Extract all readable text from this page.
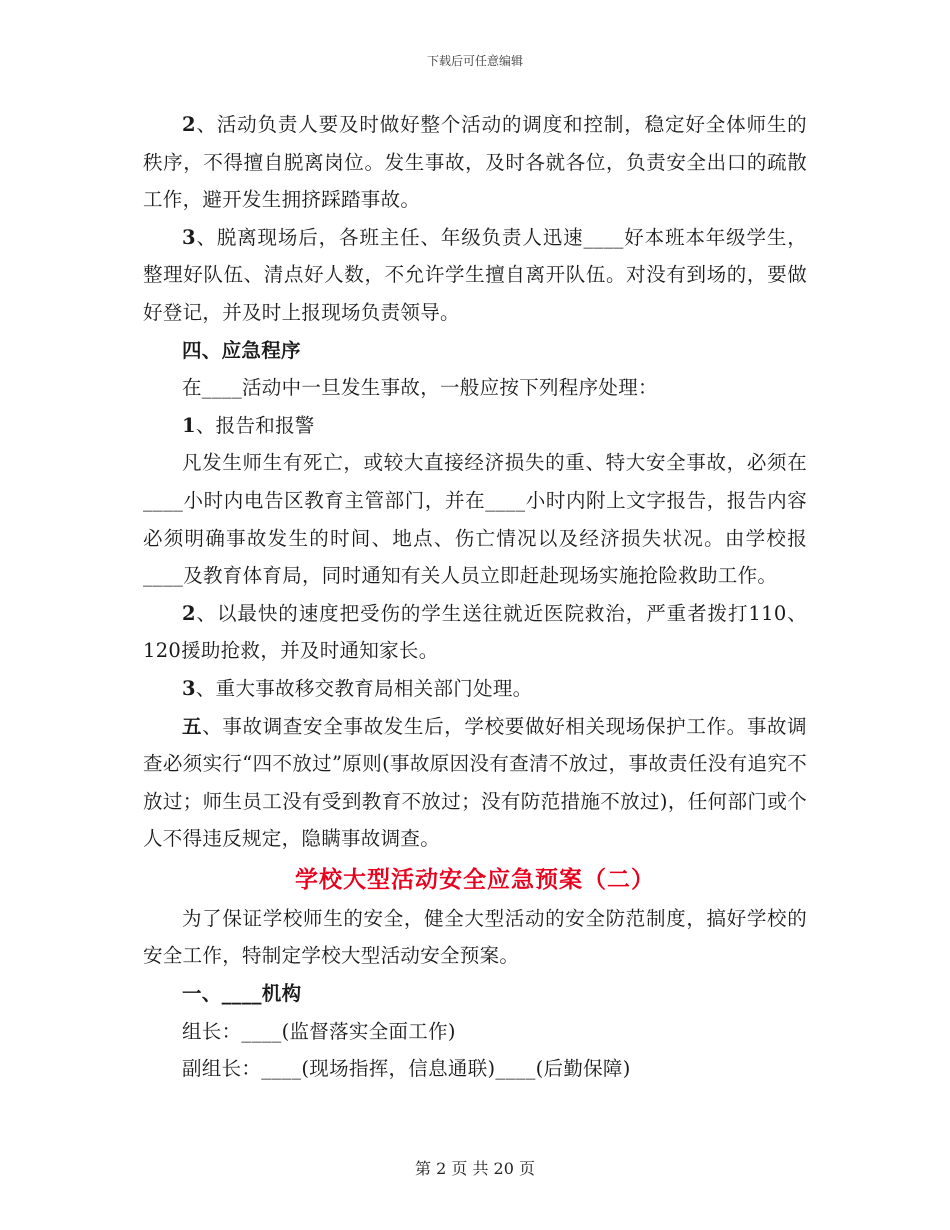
下载后可任意编辑

2、活动负责人要及时做好整个活动的调度和控制，稳定好全体师生的秩序，不得擅自脱离岗位。发生事故，及时各就各位，负责安全出口的疏散工作，避开发生拥挤踩踏事故。

3、脱离现场后，各班主任、年级负责人迅速____好本班本年级学生，整理好队伍、清点好人数，不允许学生擅自离开队伍。对没有到场的，要做好登记，并及时上报现场负责领导。

四、应急程序

在____活动中一旦发生事故，一般应按下列程序处理：

1、报告和报警

凡发生师生有死亡，或较大直接经济损失的重、特大安全事故，必须在____小时内电告区教育主管部门，并在____小时内附上文字报告，报告内容必须明确事故发生的时间、地点、伤亡情况以及经济损失状况。由学校报____及教育体育局，同时通知有关人员立即赶赴现场实施抢险救助工作。

2、以最快的速度把受伤的学生送往就近医院救治，严重者拨打110、120援助抢救，并及时通知家长。

3、重大事故移交教育局相关部门处理。

五、事故调查安全事故发生后，学校要做好相关现场保护工作。事故调查必须实行“四不放过”原则(事故原因没有查清不放过，事故责任没有追究不放过；师生员工没有受到教育不放过；没有防范措施不放过)，任何部门或个人不得违反规定，隐瞒事故调查。

学校大型活动安全应急预案（二）

为了保证学校师生的安全，健全大型活动的安全防范制度，搞好学校的安全工作，特制定学校大型活动安全预案。

一、____机构

组长：____(监督落实全面工作)

副组长：____(现场指挥，信息通联)____(后勤保障)

第 2 页 共 20 页
